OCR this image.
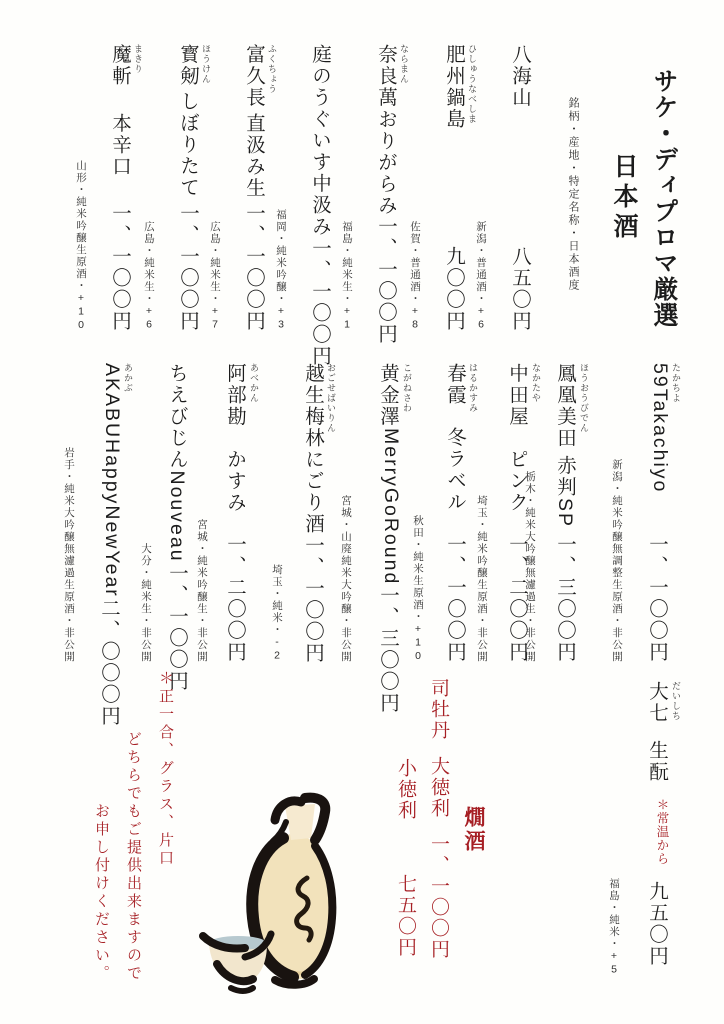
サケ・ディプロマ厳選
銘柄・産地・特定名称・日本酒度 日本酒
八海山
八五〇円
新潟・普通酒・+6
肥州鍋島
九〇〇円
ひしゅうなべしま
佐賀・普通酒・+8
奈良萬
おりがらみ
一、一〇〇円
ならまん
福島・純米生・+1
庭のうぐいす
中汲み
一、一〇〇円
福岡・純米吟醸・+3
富久長
直汲み生
一、一〇〇円
ふくちょう
広島・純米生・+7
寳剱
しぼりたて
一、一〇〇円
ほうけん
広島・純米生・+6
魔斬
本辛口
一、一〇〇円
まきり
山形・純米吟醸生原酒・+10
59Takachiyo
一、一〇〇円
たかちよ
新潟・純米吟醸無調整生原酒・非公開
鳳凰美田
赤判SP
一、三〇〇円
ほうおうびでん
栃木・純米大吟醸無濾過生・非公開
中田屋
ピンク
一、二〇〇円
なかたや
埼玉・純米吟醸生原酒・非公開
春霞
冬ラベル
一、一〇〇円
はるかすみ
秋田・純米生原酒・+10
黄金澤
MerryGoRound
一、三〇〇円
こがねさわ
宮城・山廃純米大吟醸・非公開
越生梅林にごり酒
一、一〇〇円
おごせばいりん
埼玉・純米・-2
阿部勘
かすみ
一、二〇〇円
あべかん
宮城・純米吟醸生・非公開
ちえびじんNouveau
一、一〇〇円
大分・純米生・非公開
AKABU
HappyNewYear
二、〇〇〇円
あかぶ
岩手・純米大吟醸無濾過生原酒・非公開
大七
生酛
＊常温から
九五〇円
だいしち
福島・純米・+5
燗酒
司牡丹
大徳利
一、一〇〇円
小徳利
七五〇円
＊正一合、グラス、片口
どちらでもご提供出来ますので
お申し付けください。
